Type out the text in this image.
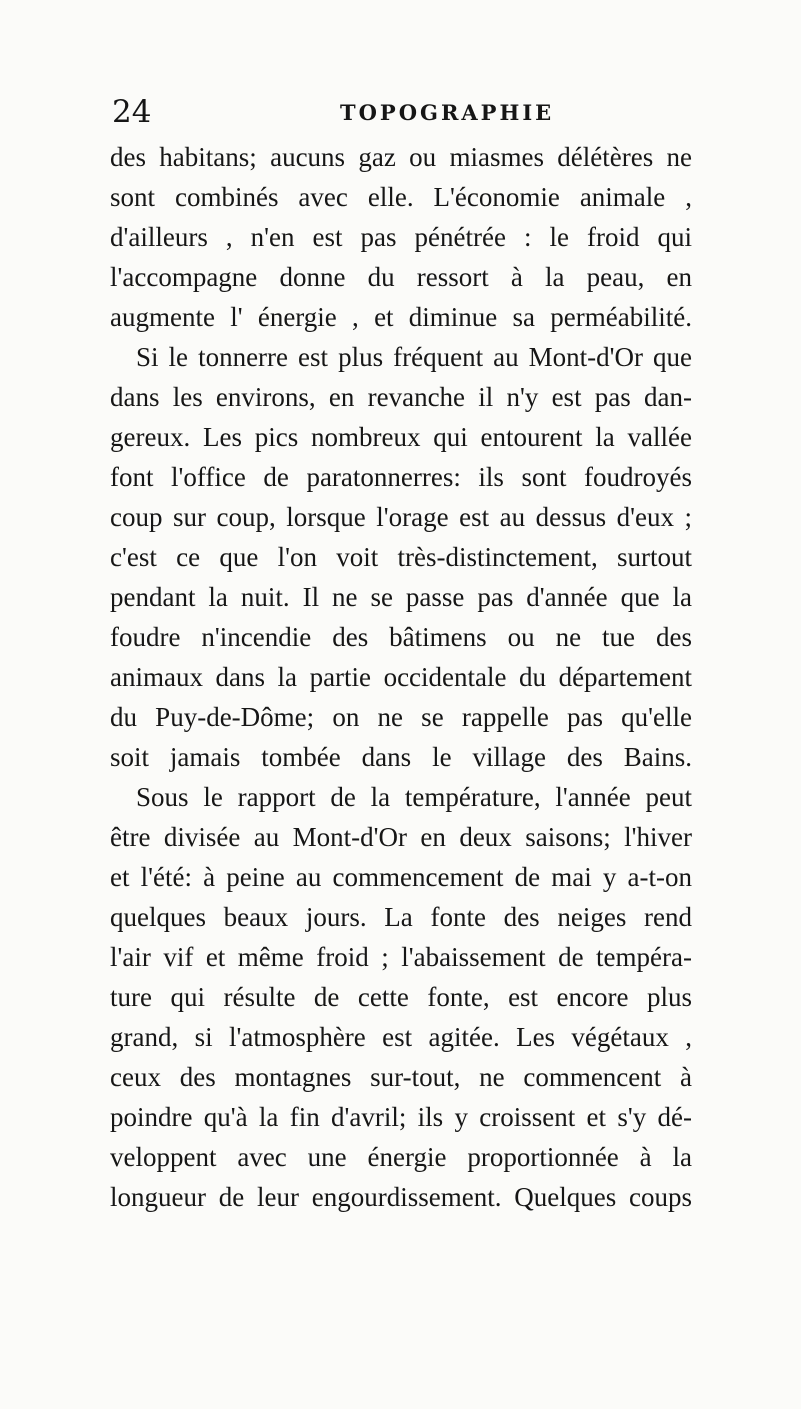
24	TOPOGRAPHIE
des habitans; aucuns gaz ou miasmes délétères ne
sont combinés avec elle. L'économie animale ,
d'ailleurs , n'en est pas pénétrée : le froid qui
l'accompagne donne du ressort à la peau, en
augmente l' énergie , et diminue sa perméabilité.
Si le tonnerre est plus fréquent au Mont-d'Or que
dans les environs, en revanche il n'y est pas dan-
gereux. Les pics nombreux qui entourent la vallée
font l'office de paratonnerres: ils sont foudroyés
coup sur coup, lorsque l'orage est au dessus d'eux ;
c'est ce que l'on voit très-distinctement, surtout
pendant la nuit. Il ne se passe pas d'année que la
foudre n'incendie des bâtimens ou ne tue des
animaux dans la partie occidentale du département
du Puy-de-Dôme; on ne se rappelle pas qu'elle
soit jamais tombée dans le village des Bains.
Sous le rapport de la température, l'année peut
être divisée au Mont-d'Or en deux saisons; l'hiver
et l'été: à peine au commencement de mai y a-t-on
quelques beaux jours. La fonte des neiges rend
l'air vif et même froid ; l'abaissement de tempéra-
ture qui résulte de cette fonte, est encore plus
grand, si l'atmosphère est agitée. Les végétaux ,
ceux des montagnes sur-tout, ne commencent à
poindre qu'à la fin d'avril; ils y croissent et s'y dé-
veloppent avec une énergie proportionnée à la
longueur de leur engourdissement. Quelques coups
